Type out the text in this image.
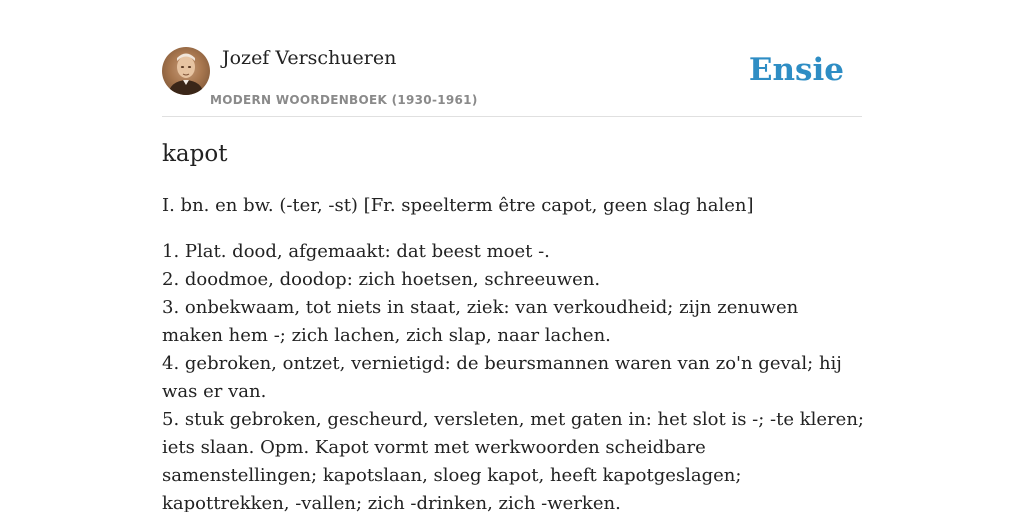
Jozef Verschueren
MODERN WOORDENBOEK (1930-1961)
Ensie
kapot

I. bn. en bw. (-ter, -st) [Fr. speelterm être capot, geen slag halen]

1. Plat. dood, afgemaakt: dat beest moet -.
2. doodmoe, doodop: zich hoetsen, schreeuwen.
3. onbekwaam, tot niets in staat, ziek: van verkoudheid; zijn zenuwen maken hem -; zich lachen, zich slap, naar lachen.
4. gebroken, ontzet, vernietigd: de beursmannen waren van zo'n geval; hij was er van.
5. stuk gebroken, gescheurd, versleten, met gaten in: het slot is -; -te kleren; iets slaan. Opm. Kapot vormt met werkwoorden scheidbare samenstellingen; kapotslaan, sloeg kapot, heeft kapotgeslagen; kapottrekken, -vallen; zich -drinken, zich -werken.
